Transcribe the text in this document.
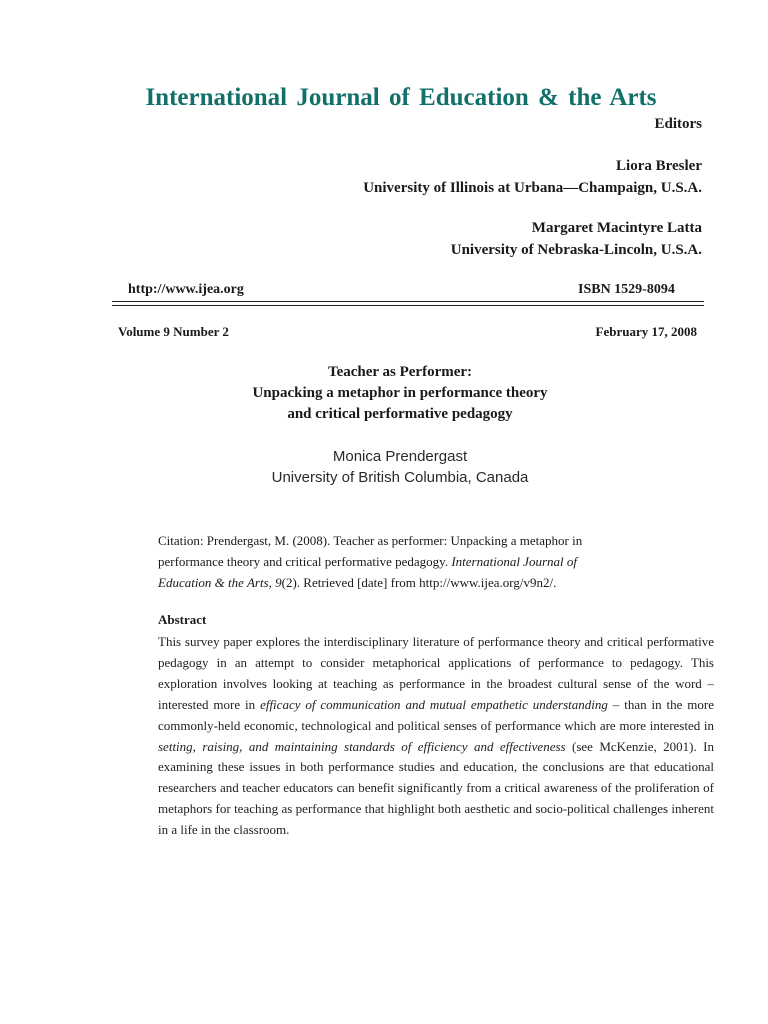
International Journal of Education & the Arts
Editors
Liora Bresler
University of Illinois at Urbana—Champaign, U.S.A.
Margaret Macintyre Latta
University of Nebraska-Lincoln, U.S.A.
http://www.ijea.org	ISBN 1529-8094
Volume 9 Number 2	February 17, 2008
Teacher as Performer:
Unpacking a metaphor in performance theory
and critical performative pedagogy
Monica Prendergast
University of British Columbia, Canada
Citation: Prendergast, M. (2008). Teacher as performer: Unpacking a metaphor in performance theory and critical performative pedagogy. International Journal of Education & the Arts, 9(2). Retrieved [date] from http://www.ijea.org/v9n2/.
Abstract
This survey paper explores the interdisciplinary literature of performance theory and critical performative pedagogy in an attempt to consider metaphorical applications of performance to pedagogy. This exploration involves looking at teaching as performance in the broadest cultural sense of the word – interested more in efficacy of communication and mutual empathetic understanding – than in the more commonly-held economic, technological and political senses of performance which are more interested in setting, raising, and maintaining standards of efficiency and effectiveness (see McKenzie, 2001). In examining these issues in both performance studies and education, the conclusions are that educational researchers and teacher educators can benefit significantly from a critical awareness of the proliferation of metaphors for teaching as performance that highlight both aesthetic and socio-political challenges inherent in a life in the classroom.
